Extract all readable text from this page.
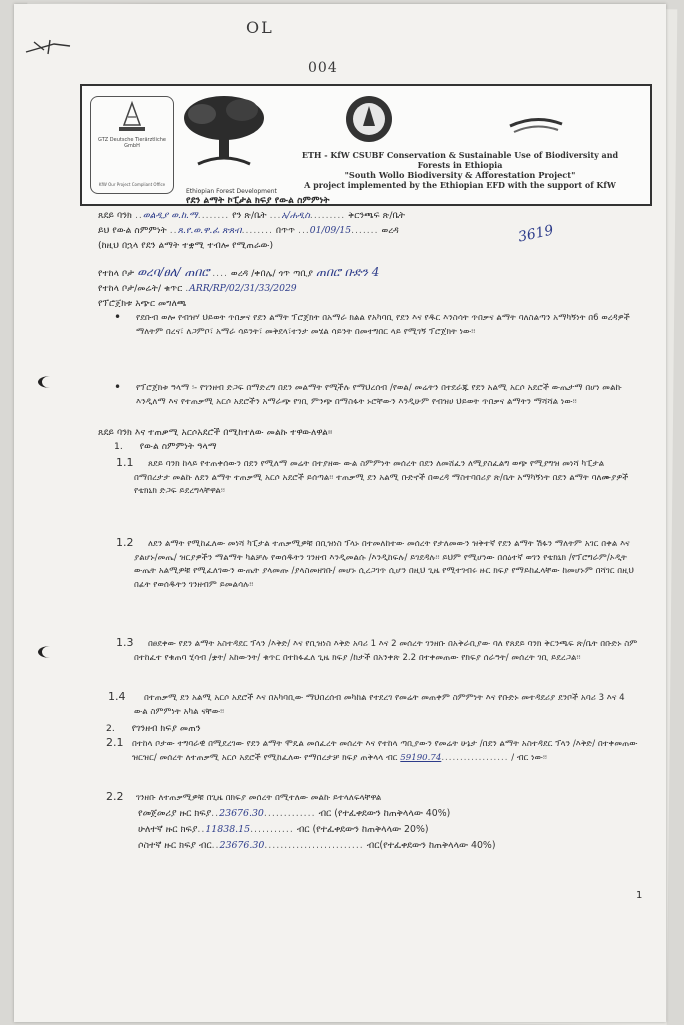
OL
004
GTZ Deutsche Tierärztliche GmbH
KfW Our Project Compliant Office
Ethiopian Forest Development
ETH - KfW CSUBF Conservation & Sustainable Use of Biodiversity and
Forests in Ethiopia
"South Wollo Biodiversity & Afforestation Project"
A project implemented by the Ethiopian EFD with the support of KfW
የደን ልማት ኮፒታል ክፍያ የውል ስምምነት
ጸደይ ባንክ ..ወልዲያ ወ.ከ.ማ........ የን ጽ/ቤት ...አ/ሐዲስ......... ቅርንጫፍ ጽ/ቤት
ይህ የውል ስምምነት ..ጸ.የ.ወ.ዋ.ፈ ጽጸብ........ በጥጥ ...01/09/15....... ወረዳ
(ከዚህ በኋላ የደን ልማት ተቋሚ ተብሎ የሚጠራው)	3619
የተከላ ቦታ ወረባ/ፀለ/ ጠበሮ .... ወረዳ /ቀበሌ/ ጎጥ ጣቢያ ጠበሮ ቡድን 4
የተከላ ቦታ/መሬት/ ቁጥር .ARR/RP/02/31/33/2029
የፕሮጀክቱ አጭር መግለጫ
• የደቡብ ወሎ የብዝሃ ህይወት ጥበቃና የደን ልማት ፕሮጀክት በአማራ ክልል የአካባቢ የደን እና የዱር እንስሳት ጥበቃና ልማት ባለስልጣን አማካኝነት በ6 ወረዳዎች ማለትም በረና፣ ለጋምቦ፣ አማራ ሳይንት፣ መቅደላ፣ተንታ መሄል ሳይንት በመተግበር ላይ የሚገኝ ፕሮጀክት ነው፡፡
• የፕሮጀክቱ ዓላማ ፡- የገንዘብ ድጋፍ በማድረግ በደን መልማት የሚችሉ የማህረሰብ /የወል/ መሬትን በተደራጁ የደን አልሚ አርሶ አደሮች ውጤታማ በሆነ መልኩ እንዲለማ እና የተጠቃሚ አርሶ አደሮችን አማራጭ የገቢ ምንጭ በማስፋት ኑሮቸውን እንዲሁም የብዝሀ ህይወት ጥበቃና ልማትን ማሻሻል ነው፡፡
ጸደይ ባንክ እና ተጠቃሚ አርሶአደሮች በሚከተለው መልኩ ተዋውለዋል፡፡
1. የውል ስምምነት ዓላማ
1.1	ጸደይ ባንክ ከላይ የተጠቀሰውን በደን የሚለማ መሬት በተያዘው ውል ስምምነት መሰረት በደን ለመሸፈን ለሚያስፈልግ ወጭ የሚያግዝ መነሻ ካፒታል በማበረታታ መልኩ ለደን ልማት ተጠቃሚ አርሶ አደሮች ይሰጣል፡፡ ተጠቃሚ ደን አልሚ ቡድኖች በወረዳ ማስተባበሪያ ጽ/ቤት አማካኝነት በደን ልማት ባለሙያዎች የቴክኒክ ድጋፍ ይደረግላቸዋል፡፡
1.2	ለደን ልማት የሚከፈለው መነሻ ካፒታል ተጠቃሚዎቹ በቢዝነስ ፕላኑ በተመለከተው መሰረት የታለመውን ዝቅተኛ የደን ልማት ሽፋን ማለትም አገር በቀል እና ያልሆኑ/መጤ/ ዝርያዎችን ማልማት ካልቻሉ የወሰዱትን ገንዘብ እንዲመልሱ /እንዲከፍሉ/ ይገደዳሉ፡፡ ይህም የሚሆነው በሰዕተኛ ወገን የቴክኒክ /የፕሮግራም/ኦዲት ውጤት አልሚዎቹ የሚፈለገውን ውጤት ያላመጡ /ያላስመዘገቡ/ መሆኑ ሲረጋገጥ ሲሆን በዚህ ጊዜ የሚተገብሩ ዙር ክፍያ የማይከፈላቸው ከመሆኑም በሻገር በዚህ በፊት የወሰዱትን ገንዘብም ይመልሳሉ፡፡
1.3	በፀደቀው የደን ልማት አስተዳደር ፕላን /እቅድ/ እና የቢዝነስ እቅድ አባሪ 1 እና 2 መሰረት ገንዘቡ በአቅራቢያው ባለ የጸደይ ባንክ ቅርንጫፍ ጽ/ቤት በቡድኑ ስም በተከፈተ የቁጠባ ሂሳብ /ቋት/ አከውንት/ ቁጥር በተከፋፈለ ጊዜ ክፍያ /ከታች በአንቀጽ 2.2 በተቀመጠው የክፍያ ሰራዓት/ መሰረት ገቢ ይደረጋል፡፡
1.4	በተጠቃሚ ደን አልሚ አርሶ አደሮች እና በአካባቢው ማህበረሰብ መካከል የተደረገ የመሬት መጠቀም ስምምነት እና የቡድኑ መተዳደሪያ ደንቦች አባሪ 3 እና 4 ውል ስምምነት አካል ናቸው፡፡
2. የገንዘብ ክፍያ መጠን
2.1 በተከላ ቦታው ተግባራዊ በሚደረገው የደን ልማት ሞዴል መሰፈረት መሰረት እና የተከላ ጣቢያውን የመሬት ሁኔታ /በደን ልማት አስተዳደር ፕላን /እቅድ/ በተቀመጠው ዝርዝር/ መሰረት ለተጠቃሚ አርሶ አደሮች የሚከፈለው የማበረታቻ ክፍያ ጠቅላላ ብር 59190.74.................. / ብር ነው፡፡
2.2	ገንዘቡ ለተጠቃሚዎቹ በጊዜ በክፍያ መሰረት በሚተለው መልኩ ይተላለፍላቸዋል
የመጀመሪያ ዙር ክፍያ..23676.30............. ብር (የተፈቀደውን ከጠቅላላው 40%)
ሁለተኛ ዙር ክፍያ..11838.15........... ብር (የተፈቀደውን ከጠቅላላው 20%)
ሶስተኛ ዙር ክፍያ ብር..23676.30......................... ብር(የተፈቀደውን ከጠቅላላው 40%)
1
